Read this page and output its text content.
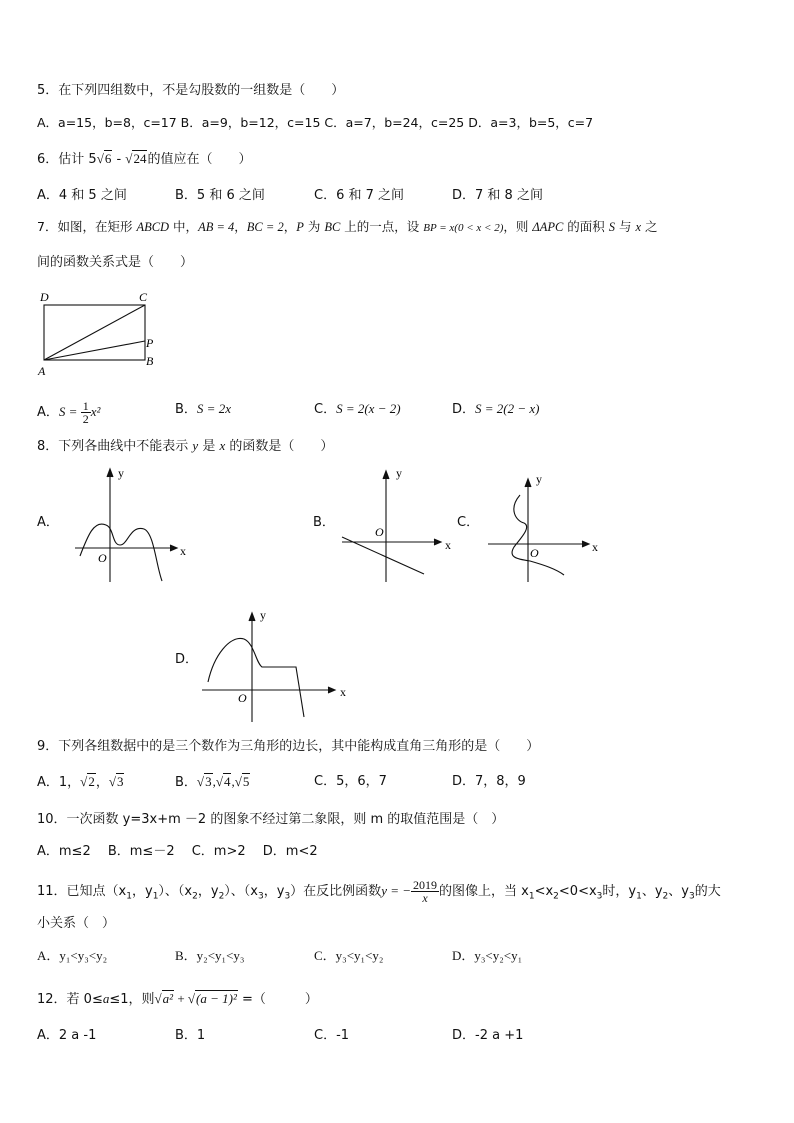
5．在下列四组数中，不是勾股数的一组数是（　　）
A．a=15，b=8，c=17 B．a=9，b=12，c=15 C．a=7，b=24，c=25 D．a=3，b=5，c=7
6．估计 5√6 - √24的值应在（　　）
A．4 和 5 之间	B．5 和 6 之间	C．6 和 7 之间	D．7 和 8 之间
7．如图，在矩形 ABCD 中，AB = 4，BC = 2，P 为 BC 上的一点，设 BP = x(0 < x < 2)，则 ΔAPC 的面积 S 与 x 之
间的函数关系式是（　　）
D	C
P
B
A
A．$S = \frac{1}{2} x^2$	B．S = 2x	C．S = 2(x − 2)	D．S = 2(2 − x)
8．下列各曲线中不能表示 y 是 x 的函数是（　　）
A．
y
x
O
B．
y
x
O
C．
y
x
O
D．
y
x
O
9．下列各组数据中的是三个数作为三角形的边长，其中能构成直角三角形的是（　　）
A．1，√2，√3	B．√3,√4,√5	C．5，6，7	D．7，8，9
10．一次函数 y=3x+m －2 的图象不经过第二象限，则 m 的取值范围是（　）
A．m≤2　 B．m≤－2　 C．m>2　 D．m<2
11．已知点（$x_1$，$y_1$）、（$x_2$，$y_2$）、（$x_3$，$y_3$）在反比例函数y = − $\frac{2019}{x}$ 的图像上，当 $x_1<x_2<0<x_3$时，$y_1$、$y_2$、$y_3$的大
小关系（　）
A．y₁<y₃<y₂	B．y₂<y₁<y₃	C．y₃<y₁<y₂	D．y₃<y₂<y₁
12．若 0≤a≤1，则√a² + √(a − 1)² =（　　　）
A．2 a -1	B．1	C．-1	D．-2 a +1
